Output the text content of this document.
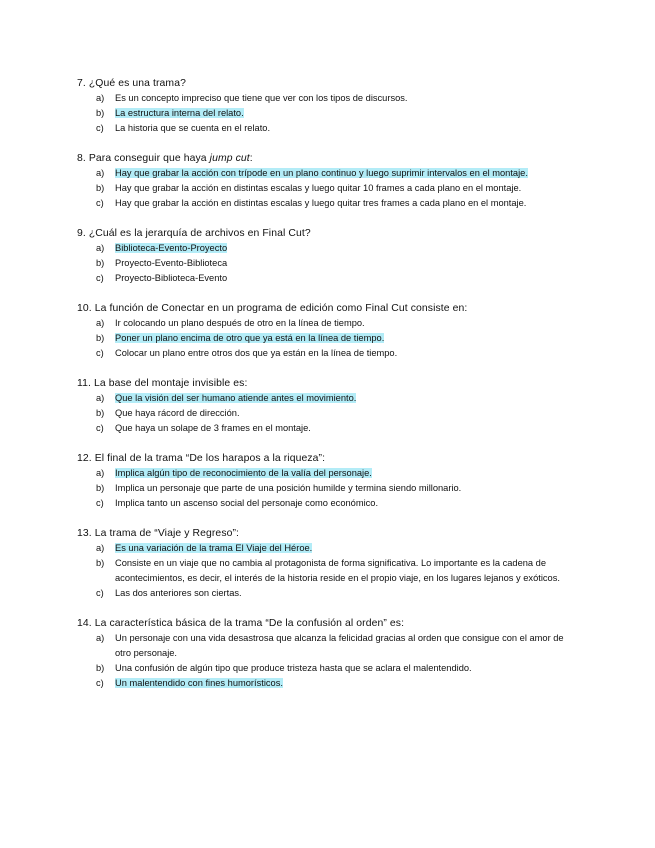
7. ¿Qué es una trama?

a) Es un concepto impreciso que tiene que ver con los tipos de discursos.

b) La estructura interna del relato.

c) La historia que se cuenta en el relato.

8. Para conseguir que haya jump cut:

a) Hay que grabar la acción con trípode en un plano continuo y luego suprimir intervalos en el montaje.

b) Hay que grabar la acción en distintas escalas y luego quitar 10 frames a cada plano en el montaje.

c) Hay que grabar la acción en distintas escalas y luego quitar tres frames a cada plano en el montaje.

9. ¿Cuál es la jerarquía de archivos en Final Cut?

a) Biblioteca-Evento-Proyecto

b) Proyecto-Evento-Biblioteca

c) Proyecto-Biblioteca-Evento

10. La función de Conectar en un programa de edición como Final Cut consiste en:

a) Ir colocando un plano después de otro en la línea de tiempo.

b) Poner un plano encima de otro que ya está en la línea de tiempo.

c) Colocar un plano entre otros dos que ya están en la línea de tiempo.

11. La base del montaje invisible es:

a) Que la visión del ser humano atiende antes el movimiento.

b) Que haya rácord de dirección.

c) Que haya un solape de 3 frames en el montaje.

12. El final de la trama “De los harapos a la riqueza”:

a) Implica algún tipo de reconocimiento de la valía del personaje.

b) Implica un personaje que parte de una posición humilde y termina siendo millonario.

c) Implica tanto un ascenso social del personaje como económico.

13. La trama de “Viaje y Regreso”:

a) Es una variación de la trama El Viaje del Héroe.

b) Consiste en un viaje que no cambia al protagonista de forma significativa. Lo importante es la cadena de acontecimientos, es decir, el interés de la historia reside en el propio viaje, en los lugares lejanos y exóticos.

c) Las dos anteriores son ciertas.

14. La característica básica de la trama “De la confusión al orden” es:

a) Un personaje con una vida desastrosa que alcanza la felicidad gracias al orden que consigue con el amor de otro personaje.

b) Una confusión de algún tipo que produce tristeza hasta que se aclara el malentendido.

c) Un malentendido con fines humorísticos.
